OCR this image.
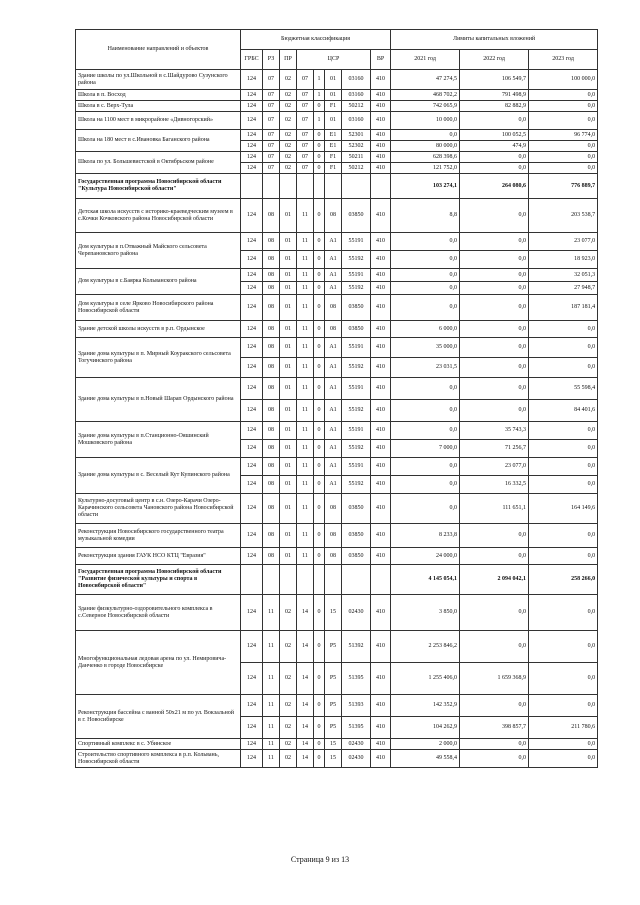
Наименование направлений и объектов	Бюджетная классификация								Лимиты капитальных вложений		
	ГРБС	РЗ	ПР	ЦСР				ВР	2021 год	2022 год	2023 год
Здание школы по ул.Школьной в с.Шайдурово Сузунского района	124	07	02	07	1	01	03160	410	47 274,5	106 549,7	100 000,0
Школа в п. Восход	124	07	02	07	1	01	03160	410	468 702,2	791 498,9	0,0
Школа в с. Верх-Тула	124	07	02	07	0	F1	50212	410	742 065,9	82 882,9	0,0
Школа на 1100 мест в микрорайоне «Дивногорский»	124	07	02	07	1	01	03160	410	10 000,0	0,0	0,0
Школа на 180 мест в с.Ивановка Баганского района	124	07	02	07	0	E1	52301	410	0,0	100 052,5	96 774,0
	124	07	02	07	0	E1	52302	410	80 000,0	474,9	0,0
Школа по ул. Большевистской в Октябрьском районе	124	07	02	07	0	F1	50211	410	628 398,6	0,0	0,0
	124	07	02	07	0	F1	50212	410	121 752,0	0,0	0,0
Государственная программа Новосибирской области "Культура Новосибирской области"									103 274,1	264 080,6	776 889,7
Детская школа искусств с историко-краеведческим музеем в с.Кочки Кочковского района Новосибирской области	124	08	01	11	0	08	03850	410	8,8	0,0	203 538,7
Дом культуры в п.Отважный Майского сельсовета Черепановского района	124	08	01	11	0	A1	55191	410	0,0	0,0	23 077,0
	124	08	01	11	0	A1	55192	410	0,0	0,0	18 923,0
Дом культуры в с.Баярка Кольванского района	124	08	01	11	0	A1	55191	410	0,0	0,0	32 051,3
	124	08	01	11	0	A1	55192	410	0,0	0,0	27 948,7
Дом культуры в селе Ярково Новосибирского района Новосибирской области	124	08	01	11	0	08	03850	410	0,0	0,0	187 181,4
Здание детской школы искусств в р.п. Ордынское	124	08	01	11	0	08	03850	410	6 000,0	0,0	0,0
Здание дома культуры в п. Мирный Коуракского сельсовета Тогучинского района	124	08	01	11	0	A1	55191	410	35 000,0	0,0	0,0
	124	08	01	11	0	A1	55192	410	23 031,5	0,0	0,0
Здание дома культуры в п.Новый Шарап Ордынского района	124	08	01	11	0	A1	55191	410	0,0	0,0	55 598,4
	124	08	01	11	0	A1	55192	410	0,0	0,0	84 401,6
Здание дома культуры в п.Станционно-Ояшинский Мошковского района	124	08	01	11	0	A1	55191	410	0,0	35 743,3	0,0
	124	08	01	11	0	A1	55192	410	7 000,0	71 256,7	0,0
Здание дома культуры в с. Веселый Кут Купинского района	124	08	01	11	0	A1	55191	410	0,0	23 077,0	0,0
	124	08	01	11	0	A1	55192	410	0,0	16 332,5	0,0
Культурно-досуговый центр в с.н. Озеро-Карачи Озеро-Карачинского сельсовета Чановского района Новосибирской области	124	08	01	11	0	08	03850	410	0,0	111 651,1	164 149,6
Реконструкция Новосибирского государственного театра музыкальной комедии	124	08	01	11	0	08	03850	410	8 233,8	0,0	0,0
Реконструкция здания ГАУК НСО КТЦ "Евразия"	124	08	01	11	0	08	03850	410	24 000,0	0,0	0,0
Государственная программа Новосибирской области "Развитие физической культуры и спорта в Новосибирской области"									4 145 054,1	2 094 042,1	258 266,0
Здание физкультурно-оздоровительного комплекса в с.Северное Новосибирской области	124	11	02	14	0	15	02430	410	3 850,0	0,0	0,0
Многофункциональная ледовая арена по ул. Немировича-Данченко в городе Новосибирске	124	11	02	14	0	P5	51392	410	2 253 846,2	0,0	0,0
	124	11	02	14	0	P5	51395	410	1 255 406,0	1 659 368,9	0,0
Реконструкция бассейна с ванной 50x21 м по ул. Вокзальной в г. Новосибирске	124	11	02	14	0	P5	51393	410	142 352,9	0,0	0,0
	124	11	02	14	0	P5	51395	410	104 262,9	398 857,7	211 780,6
Спортивный комплекс в с. Убинское	124	11	02	14	0	15	02430	410	2 000,0	0,0	0,0
Строительство спортивного комплекса в р.п. Кольвань, Новосибирской области	124	11	02	14	0	15	02430	410	49 558,4	0,0	0,0
Страница 9 из 13
